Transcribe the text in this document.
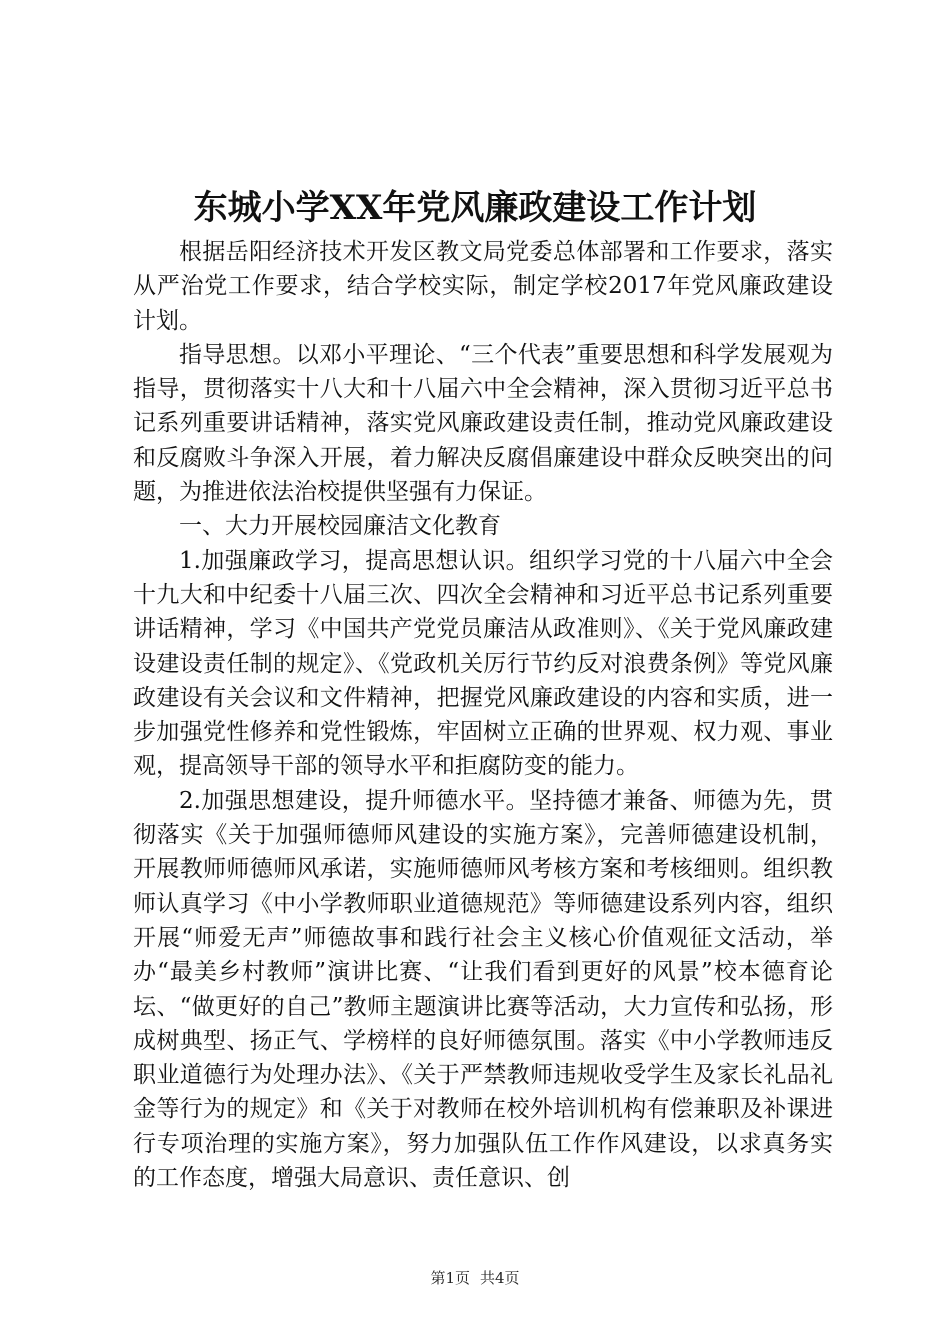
东城小学XX年党风廉政建设工作计划

根据岳阳经济技术开发区教文局党委总体部署和工作要求，落实从严治党工作要求，结合学校实际，制定学校2017年党风廉政建设计划。

指导思想。以邓小平理论、“三个代表”重要思想和科学发展观为指导，贯彻落实十八大和十八届六中全会精神，深入贯彻习近平总书记系列重要讲话精神，落实党风廉政建设责任制，推动党风廉政建设和反腐败斗争深入开展，着力解决反腐倡廉建设中群众反映突出的问题，为推进依法治校提供坚强有力保证。

一、大力开展校园廉洁文化教育

1.加强廉政学习，提高思想认识。组织学习党的十八届六中全会十九大和中纪委十八届三次、四次全会精神和习近平总书记系列重要讲话精神，学习《中国共产党党员廉洁从政准则》、《关于党风廉政建设建设责任制的规定》、《党政机关厉行节约反对浪费条例》等党风廉政建设有关会议和文件精神，把握党风廉政建设的内容和实质，进一步加强党性修养和党性锻炼，牢固树立正确的世界观、权力观、事业观，提高领导干部的领导水平和拒腐防变的能力。

2.加强思想建设，提升师德水平。坚持德才兼备、师德为先，贯彻落实《关于加强师德师风建设的实施方案》，完善师德建设机制，开展教师师德师风承诺，实施师德师风考核方案和考核细则。组织教师认真学习《中小学教师职业道德规范》等师德建设系列内容，组织开展“师爱无声”师德故事和践行社会主义核心价值观征文活动，举办“最美乡村教师”演讲比赛、“让我们看到更好的风景”校本德育论坛、“做更好的自己”教师主题演讲比赛等活动，大力宣传和弘扬，形成树典型、扬正气、学榜样的良好师德氛围。落实《中小学教师违反职业道德行为处理办法》、《关于严禁教师违规收受学生及家长礼品礼金等行为的规定》和《关于对教师在校外培训机构有偿兼职及补课进行专项治理的实施方案》，努力加强队伍工作作风建设，以求真务实的工作态度，增强大局意识、责任意识、创

第1页 共4页
